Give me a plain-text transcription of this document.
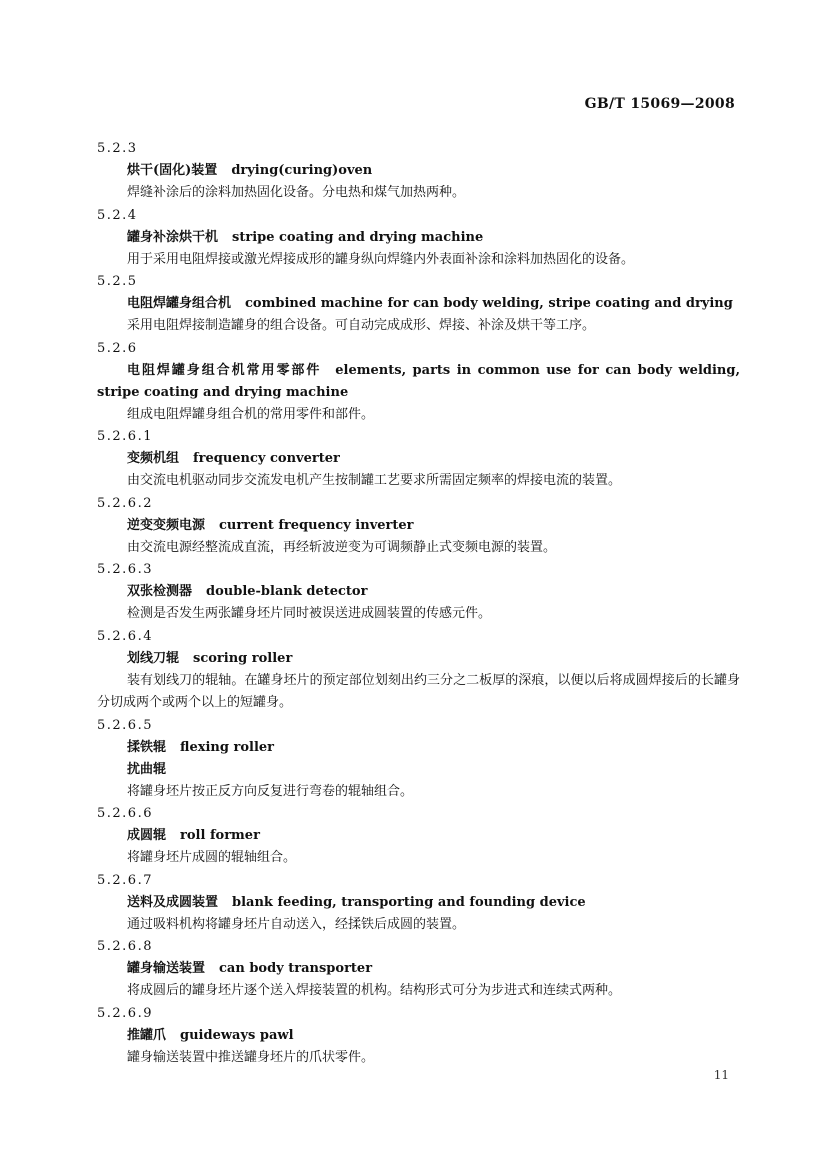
GB/T 15069—2008
5.2.3
烘干(固化)装置 drying(curing)oven
焊缝补涂后的涂料加热固化设备。分电热和煤气加热两种。
5.2.4
罐身补涂烘干机 stripe coating and drying machine
用于采用电阻焊接或激光焊接成形的罐身纵向焊缝内外表面补涂和涂料加热固化的设备。
5.2.5
电阻焊罐身组合机 combined machine for can body welding, stripe coating and drying
采用电阻焊接制造罐身的组合设备。可自动完成成形、焊接、补涂及烘干等工序。
5.2.6
电阻焊罐身组合机常用零部件 elements, parts in common use for can body welding, stripe coating and drying machine
组成电阻焊罐身组合机的常用零件和部件。
5.2.6.1
变频机组 frequency converter
由交流电机驱动同步交流发电机产生按制罐工艺要求所需固定频率的焊接电流的装置。
5.2.6.2
逆变变频电源 current frequency inverter
由交流电源经整流成直流，再经斩波逆变为可调频静止式变频电源的装置。
5.2.6.3
双张检测器 double-blank detector
检测是否发生两张罐身坯片同时被误送进成圆装置的传感元件。
5.2.6.4
划线刀辊 scoring roller
装有划线刀的辊轴。在罐身坯片的预定部位划刻出约三分之二板厚的深痕，以便以后将成圆焊接后的长罐身分切成两个或两个以上的短罐身。
5.2.6.5
揉铁辊 flexing roller
扰曲辊
将罐身坯片按正反方向反复进行弯卷的辊轴组合。
5.2.6.6
成圆辊 roll former
将罐身坯片成圆的辊轴组合。
5.2.6.7
送料及成圆装置 blank feeding, transporting and founding device
通过吸料机构将罐身坯片自动送入，经揉铁后成圆的装置。
5.2.6.8
罐身输送装置 can body transporter
将成圆后的罐身坯片逐个送入焊接装置的机构。结构形式可分为步进式和连续式两种。
5.2.6.9
推罐爪 guideways pawl
罐身输送装置中推送罐身坯片的爪状零件。
11
